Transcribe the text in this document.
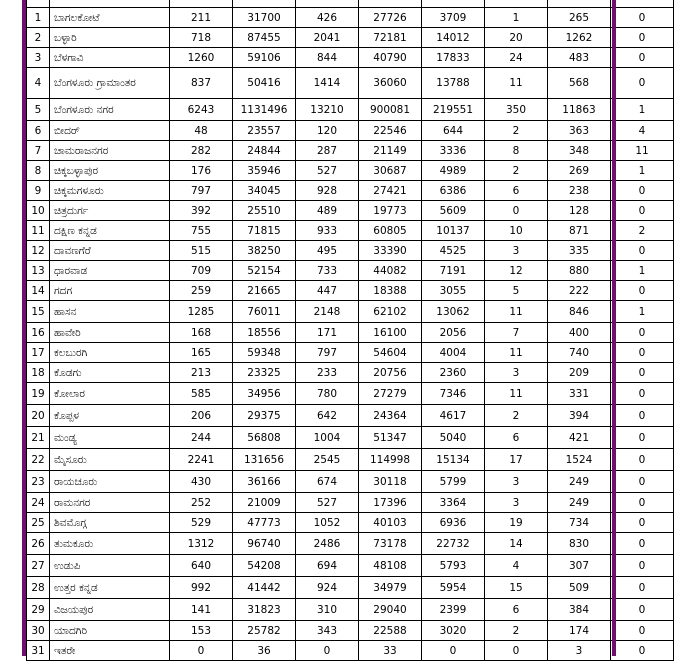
1	ಬಾಗಲಕೋಟೆ	211	31700	426	27726	3709	1	265	0
2	ಬಳ್ಳಾರಿ	718	87455	2041	72181	14012	20	1262	0
3	ಬೆಳಗಾವಿ	1260	59106	844	40790	17833	24	483	0
4	ಬೆಂಗಳೂರು ಗ್ರಾಮಾಂತರ	837	50416	1414	36060	13788	11	568	0
5	ಬೆಂಗಳೂರು ನಗರ	6243	1131496	13210	900081	219551	350	11863	1
6	ಬೀದರ್	48	23557	120	22546	644	2	363	4
7	ಚಾಮರಾಜನಗರ	282	24844	287	21149	3336	8	348	11
8	ಚಿಕ್ಕಬಳ್ಳಾಪುರ	176	35946	527	30687	4989	2	269	1
9	ಚಿಕ್ಕಮಗಳೂರು	797	34045	928	27421	6386	6	238	0
10	ಚಿತ್ರದುರ್ಗ	392	25510	489	19773	5609	0	128	0
11	ದಕ್ಷಿಣ ಕನ್ನಡ	755	71815	933	60805	10137	10	871	2
12	ದಾವಣಗೆರೆ	515	38250	495	33390	4525	3	335	0
13	ಧಾರವಾಡ	709	52154	733	44082	7191	12	880	1
14	ಗದಗ	259	21665	447	18388	3055	5	222	0
15	ಹಾಸನ	1285	76011	2148	62102	13062	11	846	1
16	ಹಾವೇರಿ	168	18556	171	16100	2056	7	400	0
17	ಕಲಬುರಗಿ	165	59348	797	54604	4004	11	740	0
18	ಕೊಡಗು	213	23325	233	20756	2360	3	209	0
19	ಕೋಲಾರ	585	34956	780	27279	7346	11	331	0
20	ಕೊಪ್ಪಳ	206	29375	642	24364	4617	2	394	0
21	ಮಂಡ್ಯ	244	56808	1004	51347	5040	6	421	0
22	ಮೈಸೂರು	2241	131656	2545	114998	15134	17	1524	0
23	ರಾಯಚೂರು	430	36166	674	30118	5799	3	249	0
24	ರಾಮನಗರ	252	21009	527	17396	3364	3	249	0
25	ಶಿವಮೊಗ್ಗ	529	47773	1052	40103	6936	19	734	0
26	ತುಮಕೂರು	1312	96740	2486	73178	22732	14	830	0
27	ಉಡುಪಿ	640	54208	694	48108	5793	4	307	0
28	ಉತ್ತರ ಕನ್ನಡ	992	41442	924	34979	5954	15	509	0
29	ವಿಜಯಪುರ	141	31823	310	29040	2399	6	384	0
30	ಯಾದಗಿರಿ	153	25782	343	22588	3020	2	174	0
31	ಇತರೇ	0	36	0	33	0	0	3	0
